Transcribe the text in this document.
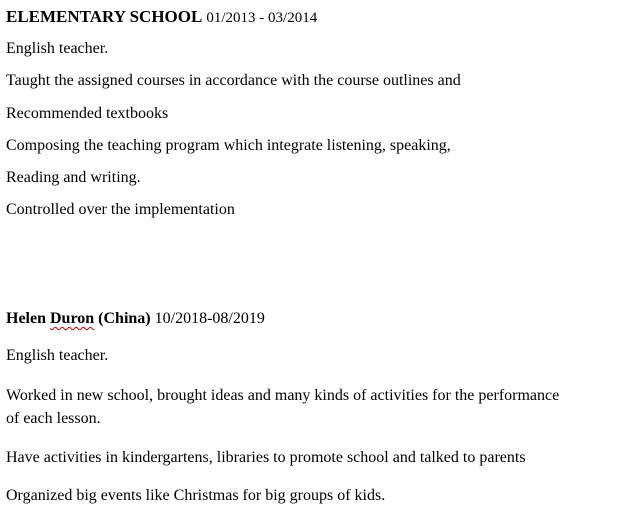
ELEMENTARY SCHOOL 01/2013 - 03/2014
English teacher.
Taught the assigned courses in accordance with the course outlines and
Recommended textbooks
Composing the teaching program which integrate listening, speaking,
Reading and writing.
Controlled over the implementation
Helen Duron (China) 10/2018-08/2019
English teacher.
Worked in new school, brought ideas and many kinds of activities for the performance of each lesson.
Have activities in kindergartens, libraries to promote school and talked to parents
Organized big events like Christmas for big groups of kids.
